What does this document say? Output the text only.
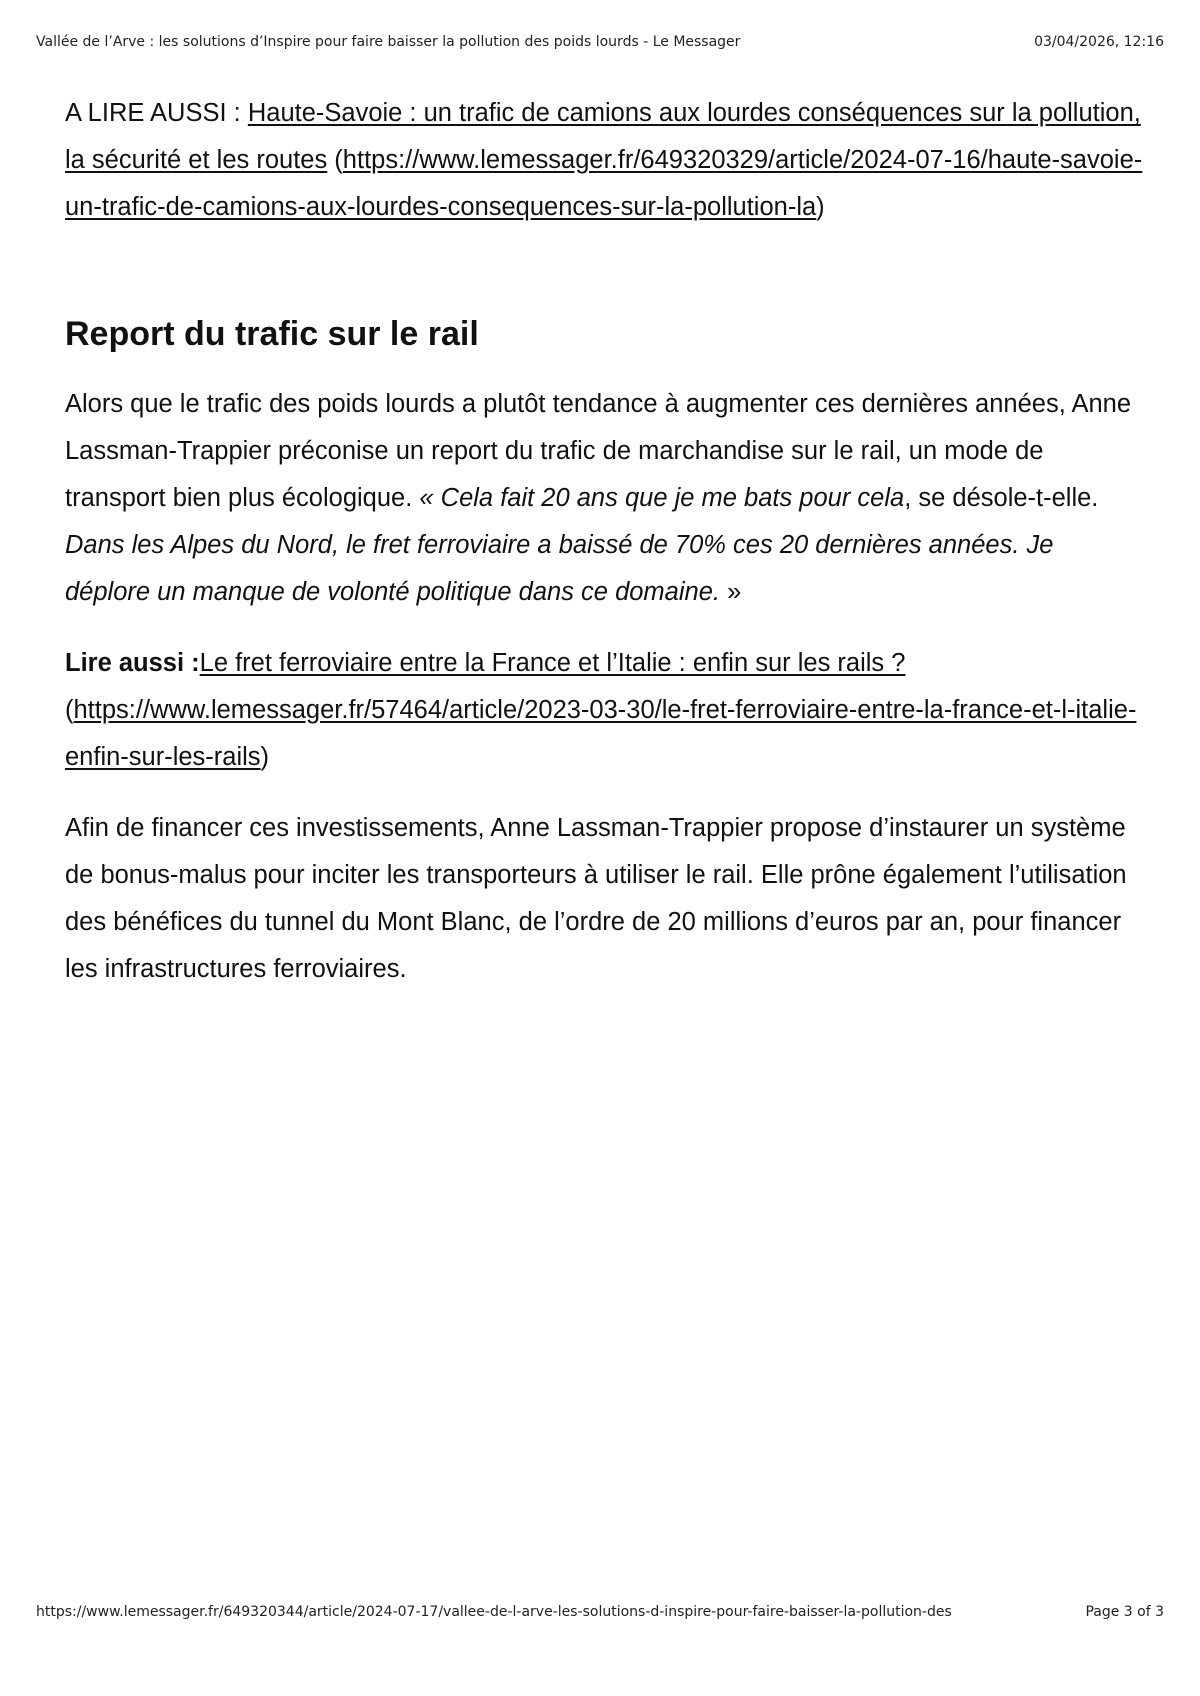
Vallée de l’Arve : les solutions d’Inspire pour faire baisser la pollution des poids lourds - Le Messager	03/04/2026, 12:16

A LIRE AUSSI : Haute-Savoie : un trafic de camions aux lourdes conséquences sur la pollution, la sécurité et les routes (https://www.lemessager.fr/649320329/article/2024-07-16/haute-savoie-un-trafic-de-camions-aux-lourdes-consequences-sur-la-pollution-la)

Report du trafic sur le rail

Alors que le trafic des poids lourds a plutôt tendance à augmenter ces dernières années, Anne Lassman-Trappier préconise un report du trafic de marchandise sur le rail, un mode de transport bien plus écologique. « Cela fait 20 ans que je me bats pour cela, se désole-t-elle. Dans les Alpes du Nord, le fret ferroviaire a baissé de 70% ces 20 dernières années. Je déplore un manque de volonté politique dans ce domaine. »

Lire aussi :Le fret ferroviaire entre la France et l’Italie : enfin sur les rails ? (https://www.lemessager.fr/57464/article/2023-03-30/le-fret-ferroviaire-entre-la-france-et-l-italie-enfin-sur-les-rails)

Afin de financer ces investissements, Anne Lassman-Trappier propose d’instaurer un système de bonus-malus pour inciter les transporteurs à utiliser le rail. Elle prône également l’utilisation des bénéfices du tunnel du Mont Blanc, de l’ordre de 20 millions d’euros par an, pour financer les infrastructures ferroviaires.

https://www.lemessager.fr/649320344/article/2024-07-17/vallee-de-l-arve-les-solutions-d-inspire-pour-faire-baisser-la-pollution-des	Page 3 of 3
